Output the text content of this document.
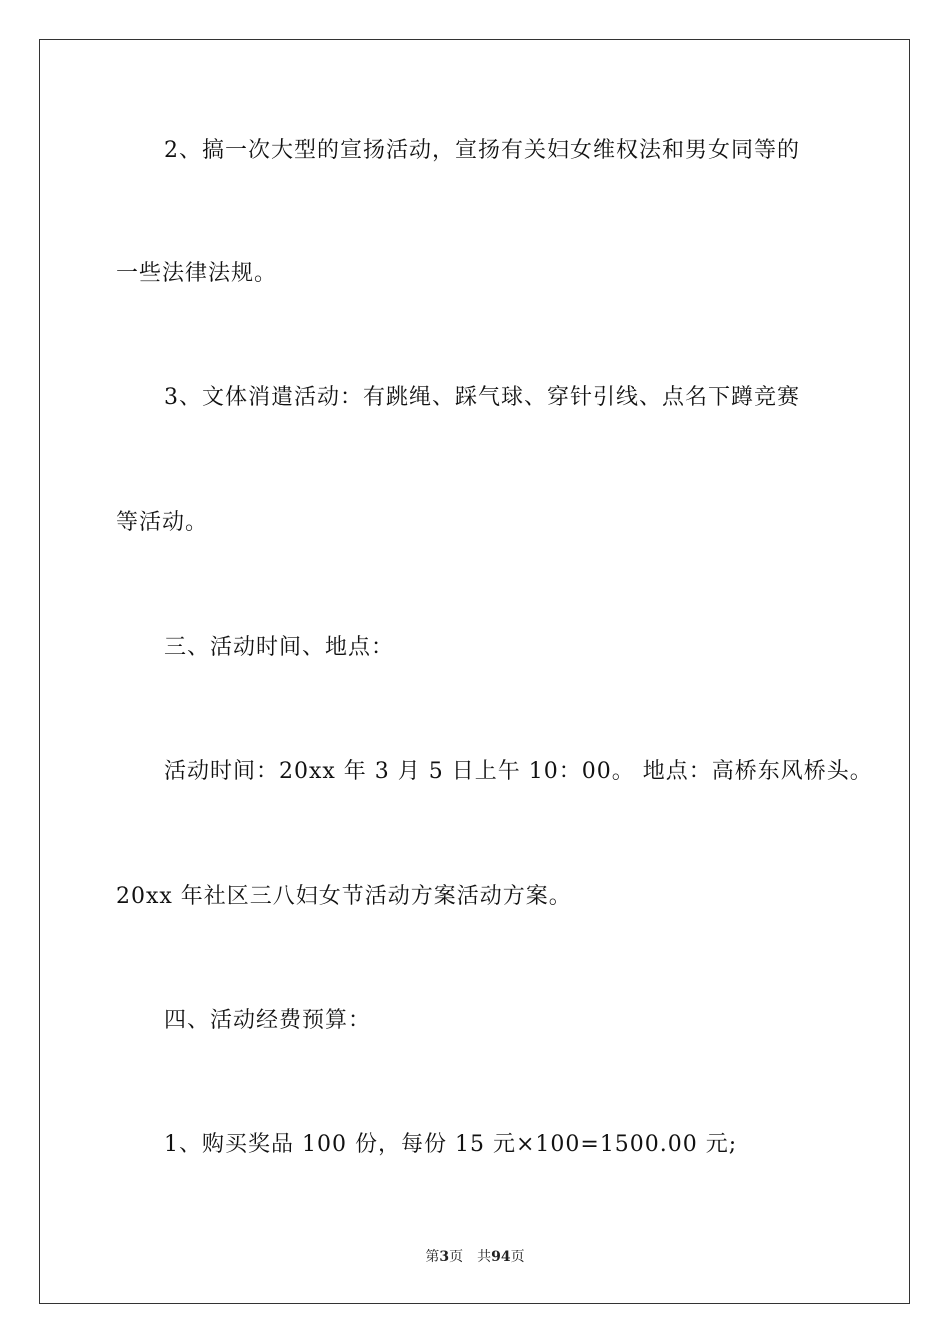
2、搞一次大型的宣扬活动，宣扬有关妇女维权法和男女同等的
一些法律法规。
3、文体消遣活动：有跳绳、踩气球、穿针引线、点名下蹲竞赛
等活动。
三、活动时间、地点：
活动时间：20xx 年 3 月 5 日上午 10：00。 地点：高桥东风桥头。
20xx 年社区三八妇女节活动方案活动方案。
四、活动经费预算：
1、购买奖品 100 份，每份 15 元×100=1500.00 元;
第3页 共94页
